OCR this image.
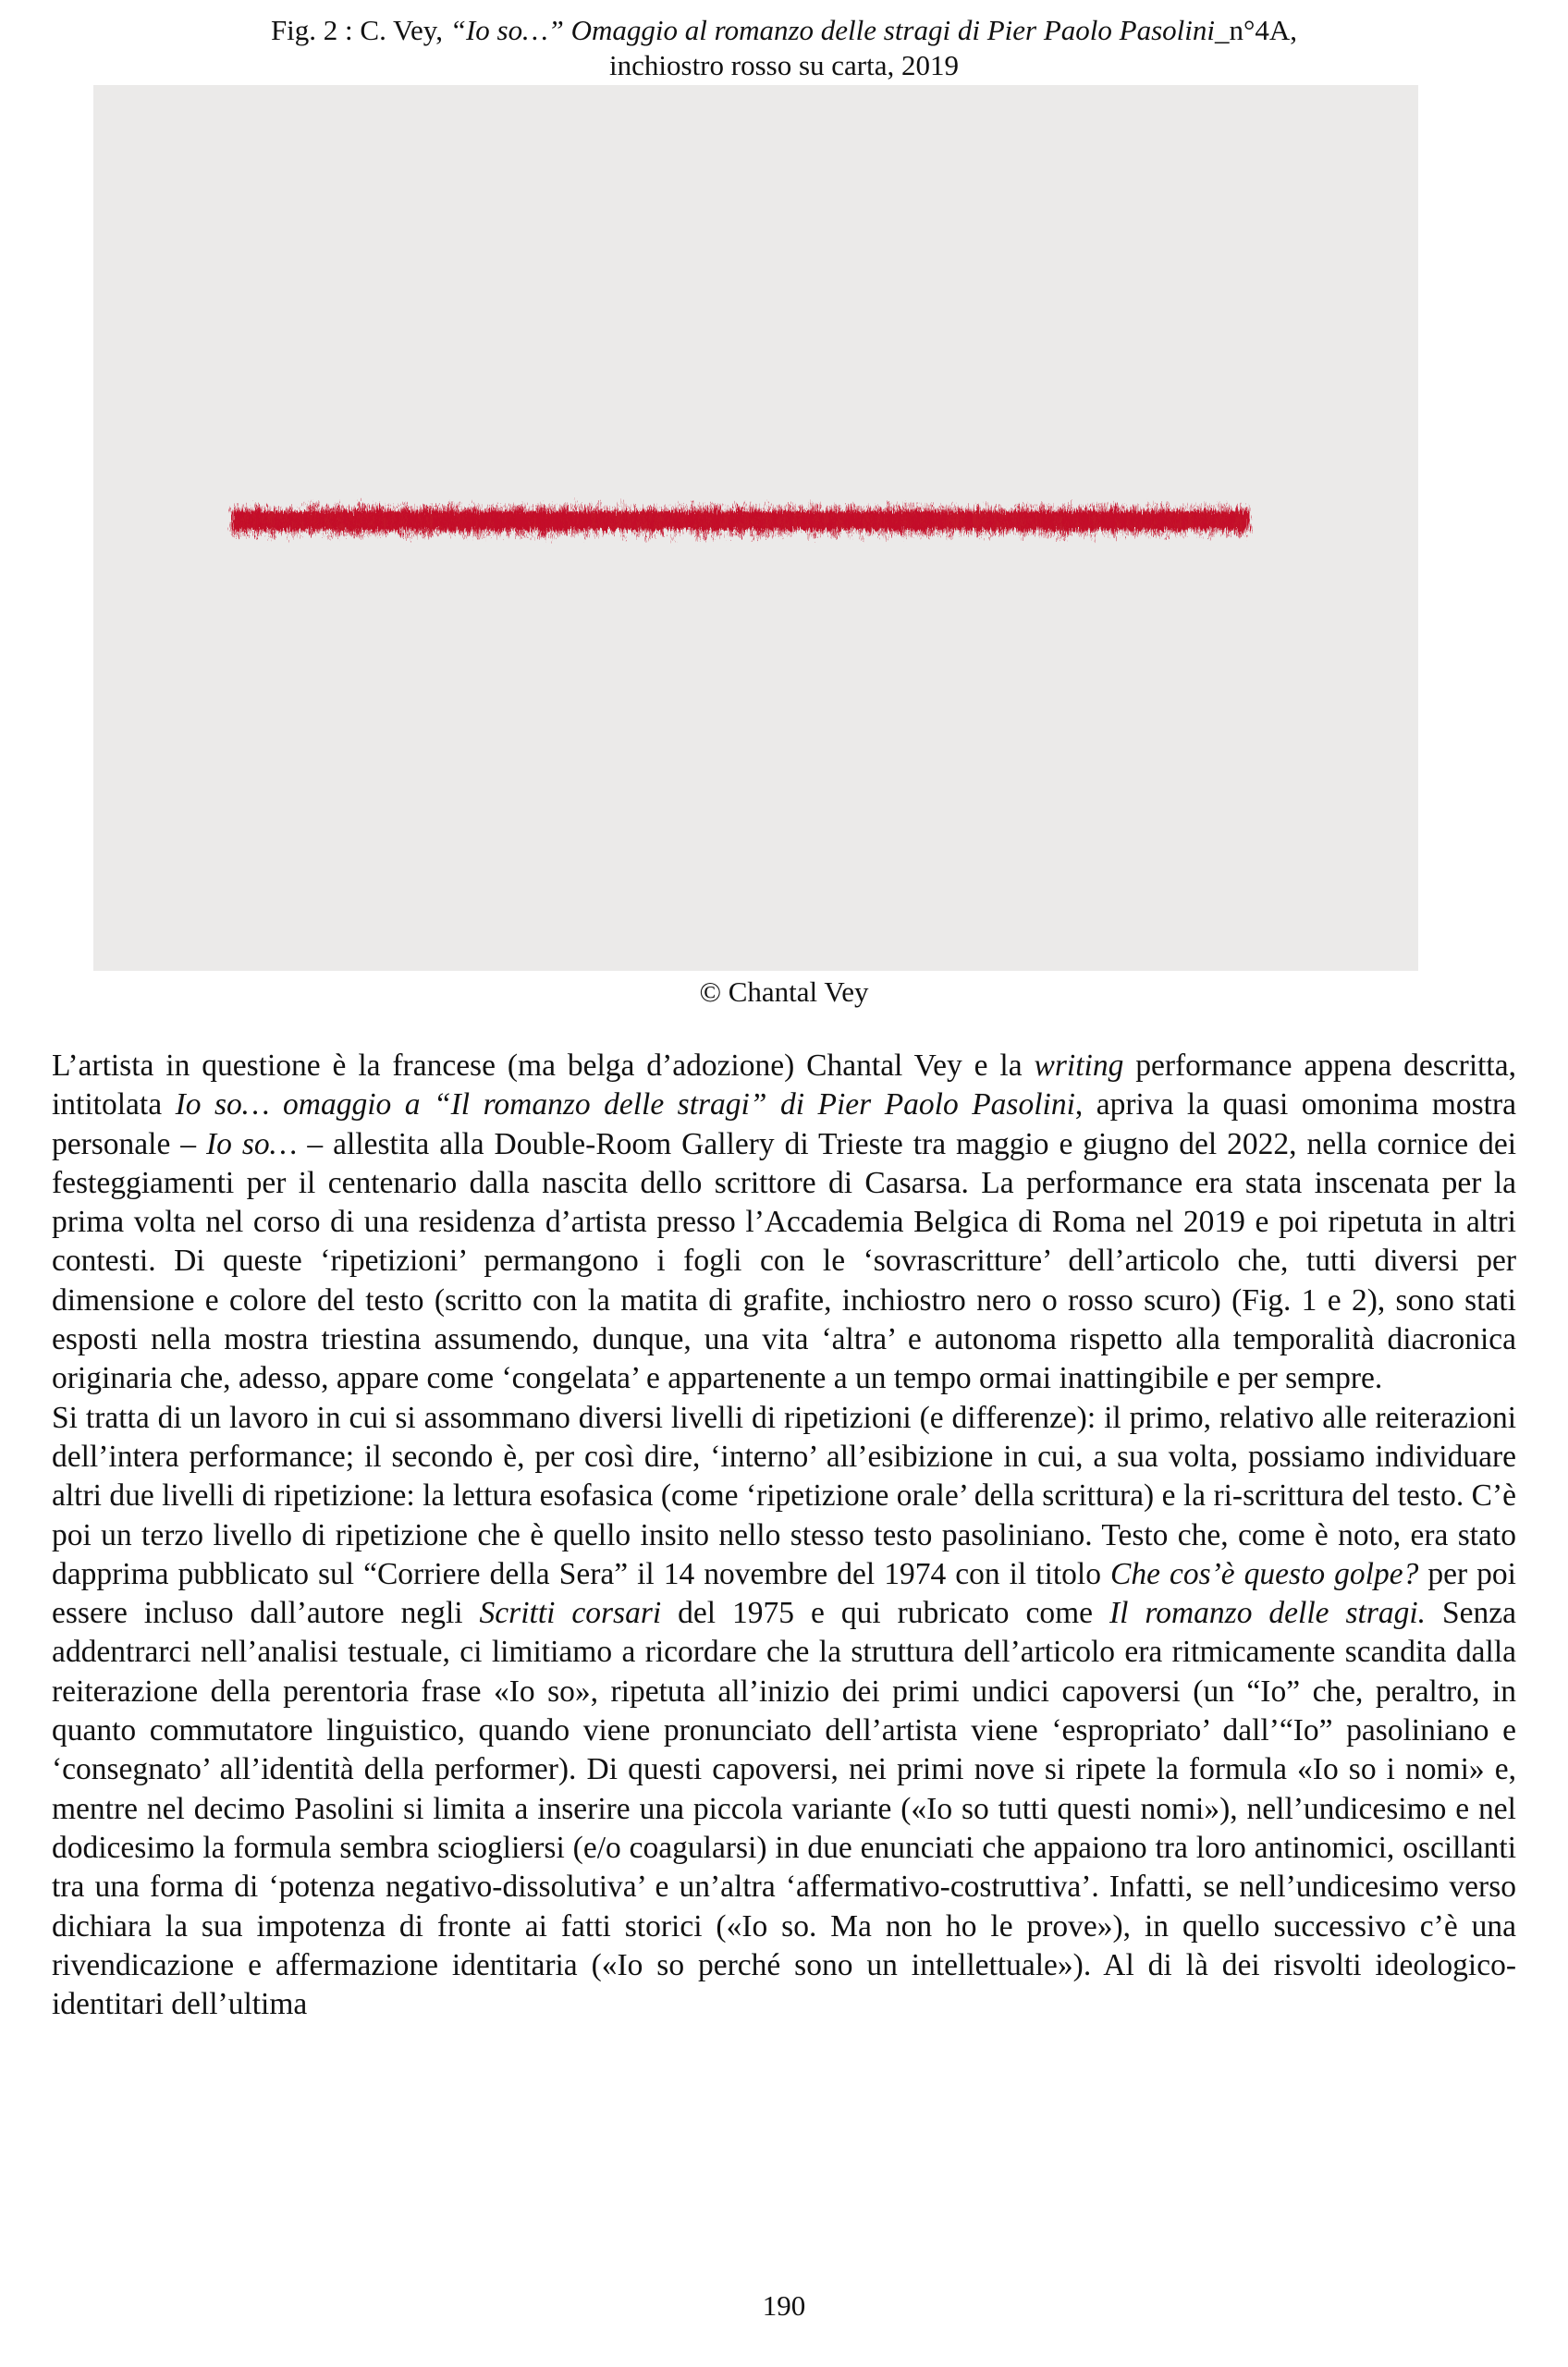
Fig. 2 : C. Vey, “Io so…” Omaggio al romanzo delle stragi di Pier Paolo Pasolini_n°4A,
inchiostro rosso su carta, 2019
© Chantal Vey

L’artista in questione è la francese (ma belga d’adozione) Chantal Vey e la writing performance appena descritta, intitolata Io so… omaggio a “Il romanzo delle stragi” di Pier Paolo Pasolini, apriva la quasi omonima mostra personale – Io so… – allestita alla Double-Room Gallery di Trieste tra maggio e giugno del 2022, nella cornice dei festeggiamenti per il centenario dalla nascita dello scrittore di Casarsa. La performance era stata inscenata per la prima volta nel corso di una residenza d’artista presso l’Accademia Belgica di Roma nel 2019 e poi ripetuta in altri contesti. Di queste ‘ripetizioni’ permangono i fogli con le ‘sovrascritture’ dell’articolo che, tutti diversi per dimensione e colore del testo (scritto con la matita di grafite, inchiostro nero o rosso scuro) (Fig. 1 e 2), sono stati esposti nella mostra triestina assumendo, dunque, una vita ‘altra’ e autonoma rispetto alla temporalità diacronica originaria che, adesso, appare come ‘congelata’ e appartenente a un tempo ormai inattingibile e per sempre.

Si tratta di un lavoro in cui si assommano diversi livelli di ripetizioni (e differenze): il primo, relativo alle reiterazioni dell’intera performance; il secondo è, per così dire, ‘interno’ all’esibizione in cui, a sua volta, possiamo individuare altri due livelli di ripetizione: la lettura esofasica (come ‘ripetizione orale’ della scrittura) e la ri-scrittura del testo. C’è poi un terzo livello di ripetizione che è quello insito nello stesso testo pasoliniano. Testo che, come è noto, era stato dapprima pubblicato sul “Corriere della Sera” il 14 novembre del 1974 con il titolo Che cos’è questo golpe? per poi essere incluso dall’autore negli Scritti corsari del 1975 e qui rubricato come Il romanzo delle stragi. Senza addentrarci nell’analisi testuale, ci limitiamo a ricordare che la struttura dell’articolo era ritmicamente scandita dalla reiterazione della perentoria frase «Io so», ripetuta all’inizio dei primi undici capoversi (un “Io” che, peraltro, in quanto commutatore linguistico, quando viene pronunciato dell’artista viene ‘espropriato’ dall’“Io” pasoliniano e ‘consegnato’ all’identità della performer). Di questi capoversi, nei primi nove si ripete la formula «Io so i nomi» e, mentre nel decimo Pasolini si limita a inserire una piccola variante («Io so tutti questi nomi»), nell’undicesimo e nel dodicesimo la formula sembra sciogliersi (e/o coagularsi) in due enunciati che appaiono tra loro antinomici, oscillanti tra una forma di ‘potenza negativo-dissolutiva’ e un’altra ‘affermativo-costruttiva’. Infatti, se nell’undicesimo verso dichiara la sua impotenza di fronte ai fatti storici («Io so. Ma non ho le prove»), in quello successivo c’è una rivendicazione e affermazione identitaria («Io so perché sono un intellettuale»). Al di là dei risvolti ideologico-identitari dell’ultima

190
